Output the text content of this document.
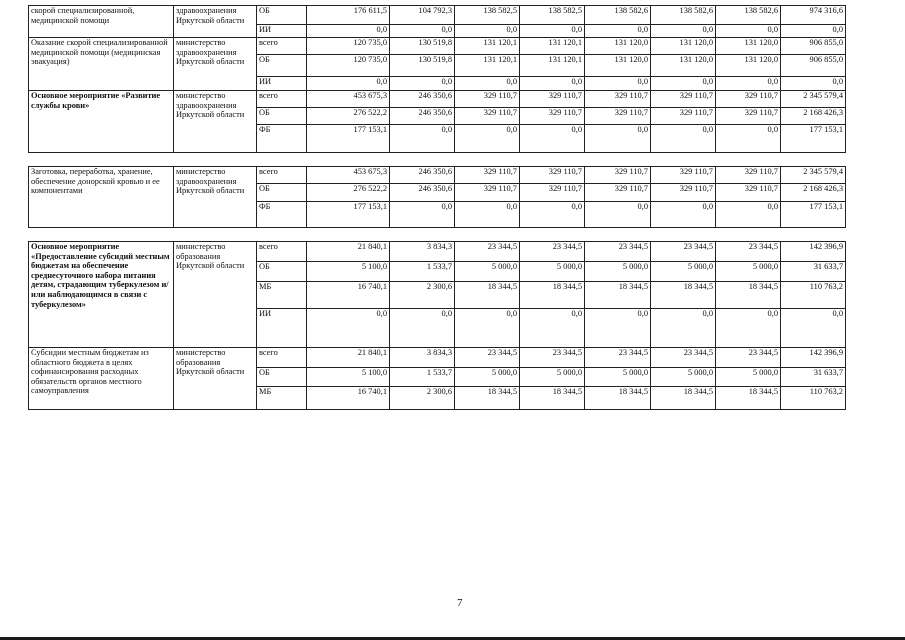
скорой специализированной, медицинской помощи	здравоохранения Иркутской области	ОБ	176 611,5	104 792,3	138 582,5	138 582,5	138 582,6	138 582,6	138 582,6	974 316,6
		ИИ	0,0	0,0	0,0	0,0	0,0	0,0	0,0	0,0
Оказание скорой специализированной медицинской помощи (медицинская эвакуация)	министерство здравоохранения Иркутской области	всего	120 735,0	130 519,8	131 120,1	131 120,1	131 120,0	131 120,0	131 120,0	906 855,0
		ОБ	120 735,0	130 519,8	131 120,1	131 120,1	131 120,0	131 120,0	131 120,0	906 855,0
		ИИ	0,0	0,0	0,0	0,0	0,0	0,0	0,0	0,0
Основное мероприятие «Развитие службы крови»	министерство здравоохранения Иркутской области	всего	453 675,3	246 350,6	329 110,7	329 110,7	329 110,7	329 110,7	329 110,7	2 345 579,4
		ОБ	276 522,2	246 350,6	329 110,7	329 110,7	329 110,7	329 110,7	329 110,7	2 168 426,3
		ФБ	177 153,1	0,0	0,0	0,0	0,0	0,0	0,0	177 153,1

Заготовка, переработка, хранение, обеспечение донорской кровью и ее компонентами	министерство здравоохранения Иркутской области	всего	453 675,3	246 350,6	329 110,7	329 110,7	329 110,7	329 110,7	329 110,7	2 345 579,4
		ОБ	276 522,2	246 350,6	329 110,7	329 110,7	329 110,7	329 110,7	329 110,7	2 168 426,3
		ФБ	177 153,1	0,0	0,0	0,0	0,0	0,0	0,0	177 153,1

Основное мероприятие «Предоставление субсидий местным бюджетам на обеспечение среднесуточного набора питания детям, страдающим туберкулезом и/или наблюдающимся в связи с туберкулезом»	министерство образования Иркутской области	всего	21 840,1	3 834,3	23 344,5	23 344,5	23 344,5	23 344,5	23 344,5	142 396,9
		ОБ	5 100,0	1 533,7	5 000,0	5 000,0	5 000,0	5 000,0	5 000,0	31 633,7
		МБ	16 740,1	2 300,6	18 344,5	18 344,5	18 344,5	18 344,5	18 344,5	110 763,2
		ИИ	0,0	0,0	0,0	0,0	0,0	0,0	0,0	0,0
Субсидии местным бюджетам из областного бюджета в целях софинансирования расходных обязательств органов местного самоуправления	министерство образования Иркутской области	всего	21 840,1	3 834,3	23 344,5	23 344,5	23 344,5	23 344,5	23 344,5	142 396,9
		ОБ	5 100,0	1 533,7	5 000,0	5 000,0	5 000,0	5 000,0	5 000,0	31 633,7
		МБ	16 740,1	2 300,6	18 344,5	18 344,5	18 344,5	18 344,5	18 344,5	110 763,2
7
